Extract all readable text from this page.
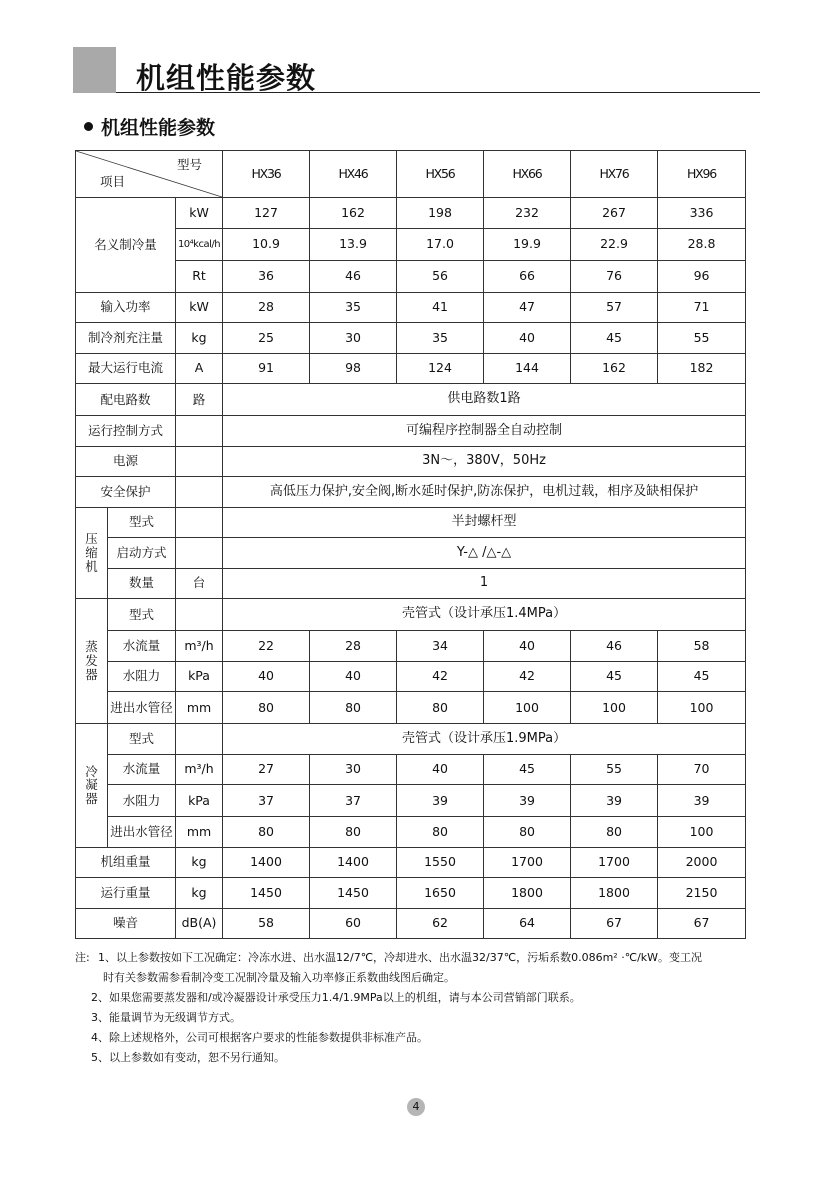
机组性能参数
机组性能参数
型号
项目			HX36	HX46	HX56	HX66	HX76	HX96
名义制冷量		kW	127	162	198	232	267	336
		10⁴kcal/h	10.9	13.9	17.0	19.9	22.9	28.8
		Rt	36	46	56	66	76	96
输入功率		kW	28	35	41	47	57	71
制冷剂充注量		kg	25	30	35	40	45	55
最大运行电流		A	91	98	124	144	162	182
配电路数		路	供电路数1路					
运行控制方式			可编程序控制器全自动控制					
电源			3N～，380V，50Hz					
安全保护			高低压力保护,安全阀,断水延时保护,防冻保护，电机过载，相序及缺相保护					
压缩机	型式		半封螺杆型					
	启动方式		Y-△ /△-△					
	数量	台	1					
蒸发器	型式		壳管式（设计承压1.4MPa）					
	水流量	m³/h	22	28	34	40	46	58
	水阻力	kPa	40	40	42	42	45	45
	进出水管径	mm	80	80	80	100	100	100
冷凝器	型式		壳管式（设计承压1.9MPa）					
	水流量	m³/h	27	30	40	45	55	70
	水阻力	kPa	37	37	39	39	39	39
	进出水管径	mm	80	80	80	80	80	100
机组重量		kg	1400	1400	1550	1700	1700	2000
运行重量		kg	1450	1450	1650	1800	1800	2150
噪音		dB(A)	58	60	62	64	67	67
注: 1、以上参数按如下工况确定：冷冻水进、出水温12/7℃，冷却进水、出水温32/37℃，污垢系数0.086m² ·℃/kW。变工况
时有关参数需参看制冷变工况制冷量及输入功率修正系数曲线图后确定。
2、如果您需要蒸发器和/或冷凝器设计承受压力1.4/1.9MPa以上的机组，请与本公司营销部门联系。
3、能量调节为无级调节方式。
4、除上述规格外，公司可根据客户要求的性能参数提供非标准产品。
5、以上参数如有变动，恕不另行通知。
4
